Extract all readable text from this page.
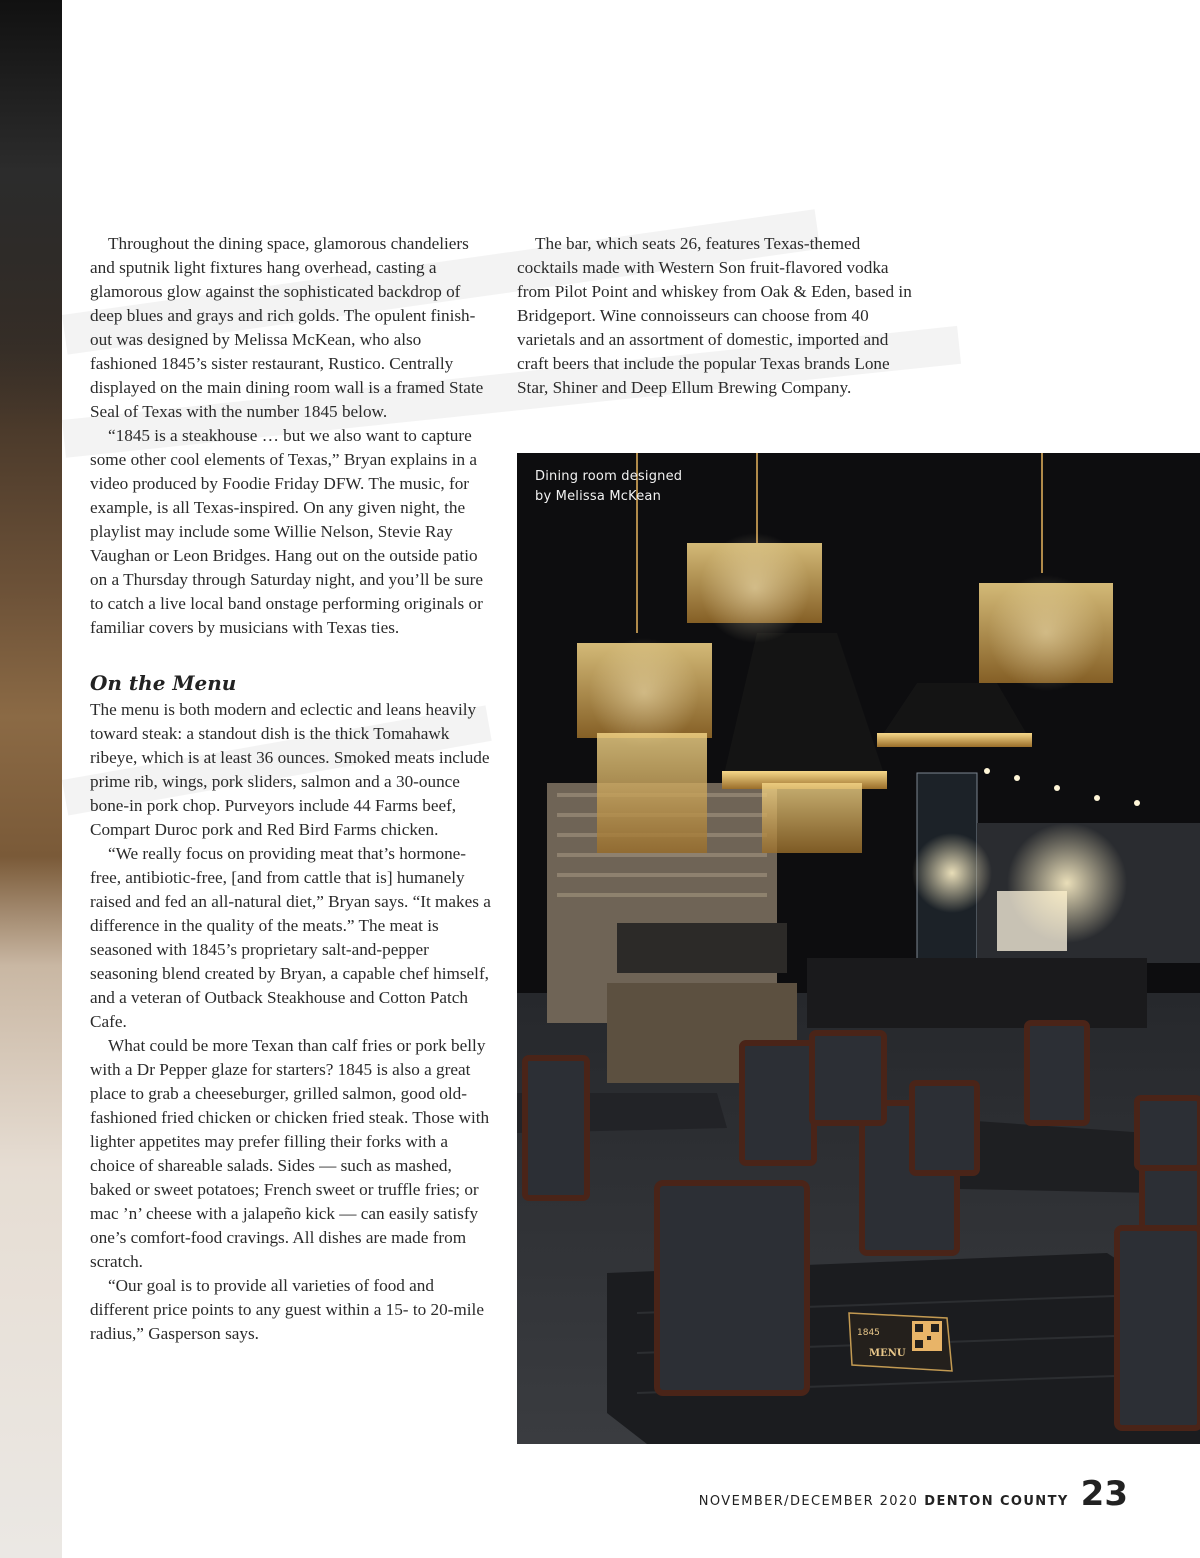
Throughout the dining space, glamorous chandeliers and sputnik light fixtures hang overhead, casting a glamorous glow against the sophisticated backdrop of deep blues and grays and rich golds. The opulent finish-out was designed by Melissa McKean, who also fashioned 1845’s sister restaurant, Rustico. Centrally displayed on the main dining room wall is a framed State Seal of Texas with the number 1845 below.

“1845 is a steakhouse … but we also want to capture some other cool elements of Texas,” Bryan explains in a video produced by Foodie Friday DFW. The music, for example, is all Texas-inspired. On any given night, the playlist may include some Willie Nelson, Stevie Ray Vaughan or Leon Bridges. Hang out on the outside patio on a Thursday through Saturday night, and you’ll be sure to catch a live local band onstage performing originals or familiar covers by musicians with Texas ties.

On the Menu

The menu is both modern and eclectic and leans heavily toward steak: a standout dish is the thick Tomahawk ribeye, which is at least 36 ounces. Smoked meats include prime rib, wings, pork sliders, salmon and a 30-ounce bone-in pork chop. Purveyors include 44 Farms beef, Compart Duroc pork and Red Bird Farms chicken.

“We really focus on providing meat that’s hormone-free, antibiotic-free, [and from cattle that is] humanely raised and fed an all-natural diet,” Bryan says. “It makes a difference in the quality of the meats.” The meat is seasoned with 1845’s proprietary salt-and-pepper seasoning blend created by Bryan, a capable chef himself, and a veteran of Outback Steakhouse and Cotton Patch Cafe.

What could be more Texan than calf fries or pork belly with a Dr Pepper glaze for starters? 1845 is also a great place to grab a cheeseburger, grilled salmon, good old-fashioned fried chicken or chicken fried steak. Those with lighter appetites may prefer filling their forks with a choice of shareable salads. Sides — such as mashed, baked or sweet potatoes; French sweet or truffle fries; or mac ’n’ cheese with a jalapeño kick — can easily satisfy one’s comfort-food cravings. All dishes are made from scratch.

“Our goal is to provide all varieties of food and different price points to any guest within a 15- to 20-mile radius,” Gasperson says.

The bar, which seats 26, features Texas-themed cocktails made with Western Son fruit-flavored vodka from Pilot Point and whiskey from Oak & Eden, based in Bridgeport. Wine connoisseurs can choose from 40 varietals and an assortment of domestic, imported and craft beers that include the popular Texas brands Lone Star, Shiner and Deep Ellum Brewing Company.

1845
MENU
Dining room designed
by Melissa McKean
NOVEMBER/DECEMBER 2020 DENTON COUNTY 23
